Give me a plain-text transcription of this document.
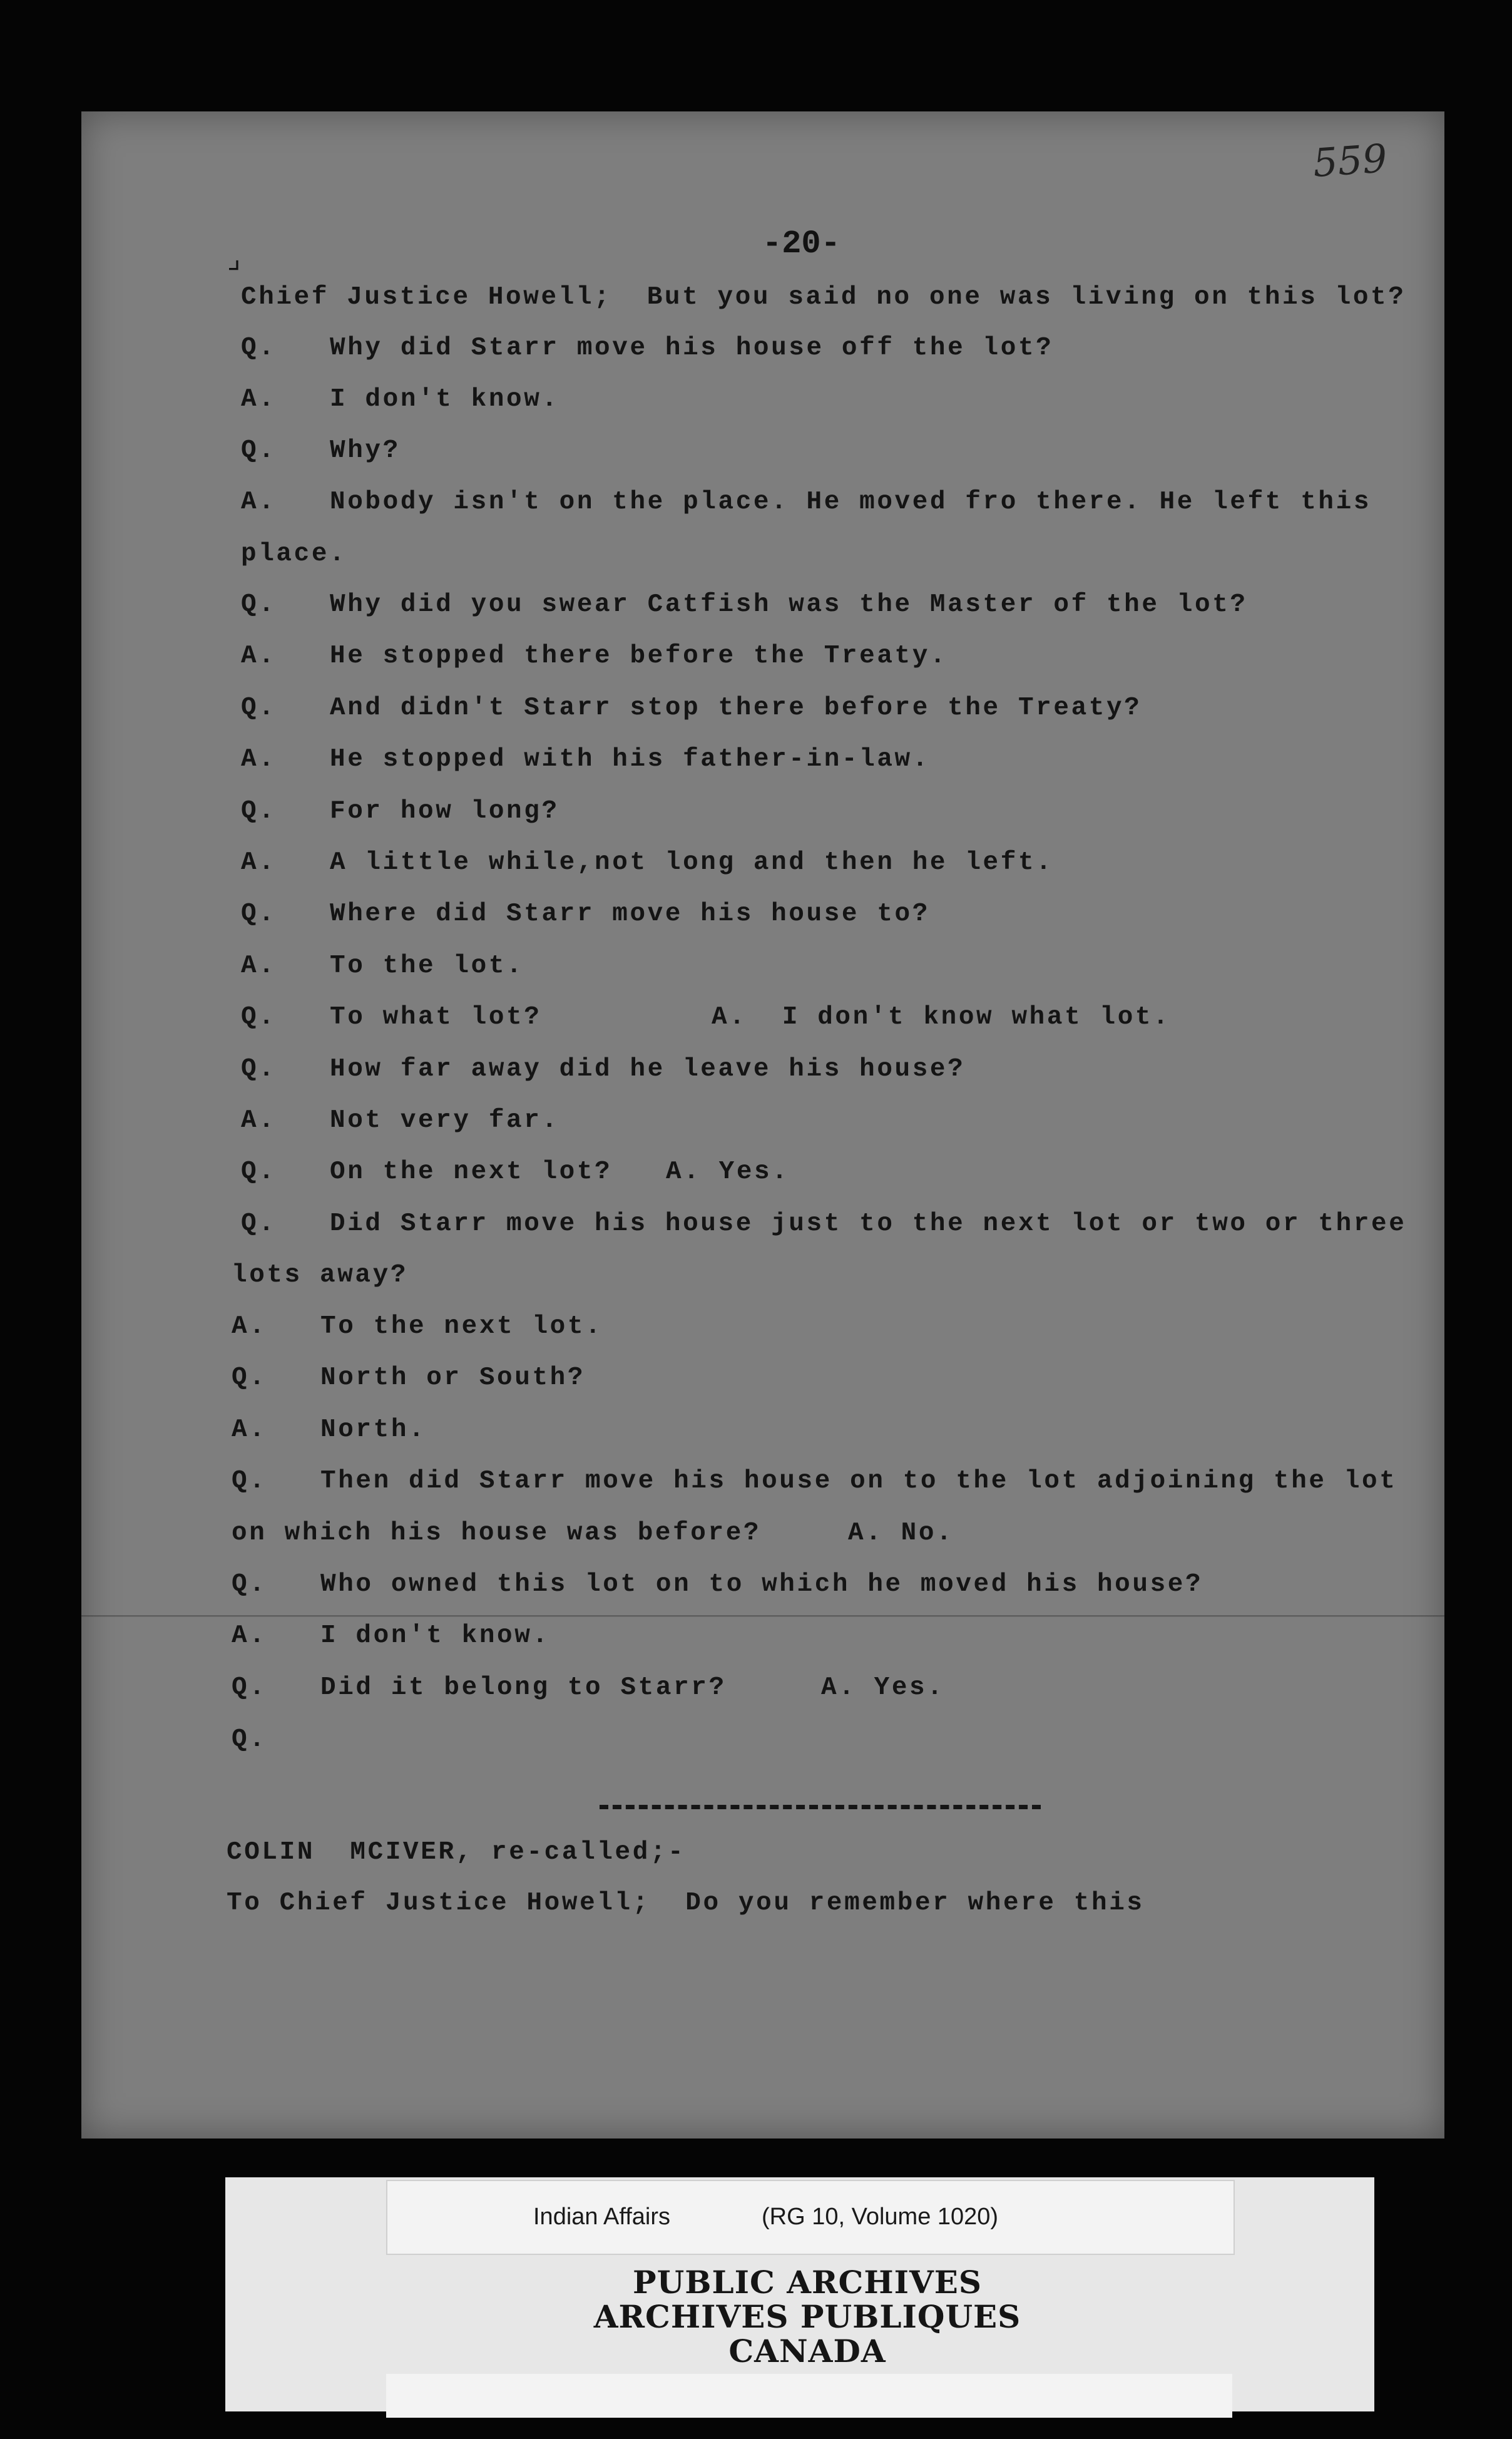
559
⌟	-20-
Chief Justice Howell;  But you said no one was living on this lot?
Q. Why did Starr move his house off the lot?
A. I don't know.
Q. Why?
A. Nobody isn't on the place. He moved fro there. He left this
place.
Q. Why did you swear Catfish was the Master of the lot?
A. He stopped there before the Treaty.
Q. And didn't Starr stop there before the Treaty?
A. He stopped with his father-in-law.
Q. For how long?
A. A little while,not long and then he left.
Q. Where did Starr move his house to?
A. To the lot.
Q. To what lot?	A.  I don't know what lot.
Q. How far away did he leave his house?
A. Not very far.
Q. On the next lot? A. Yes.
Q. Did Starr move his house just to the next lot or two or three
lots away?
A. To the next lot.
Q. North or South?
A. North.
Q. Then did Starr move his house on to the lot adjoining the lot
on which his house was before?	A. No.
Q. Who owned this lot on to which he moved his house?
A. I don't know.
Q. Did it belong to Starr?	A. Yes.
Q.
COLIN  MCIVER, re-called;-
To Chief Justice Howell;  Do you remember where this
Indian Affairs	(RG 10, Volume 1020)
PUBLIC ARCHIVES
ARCHIVES PUBLIQUES
CANADA
